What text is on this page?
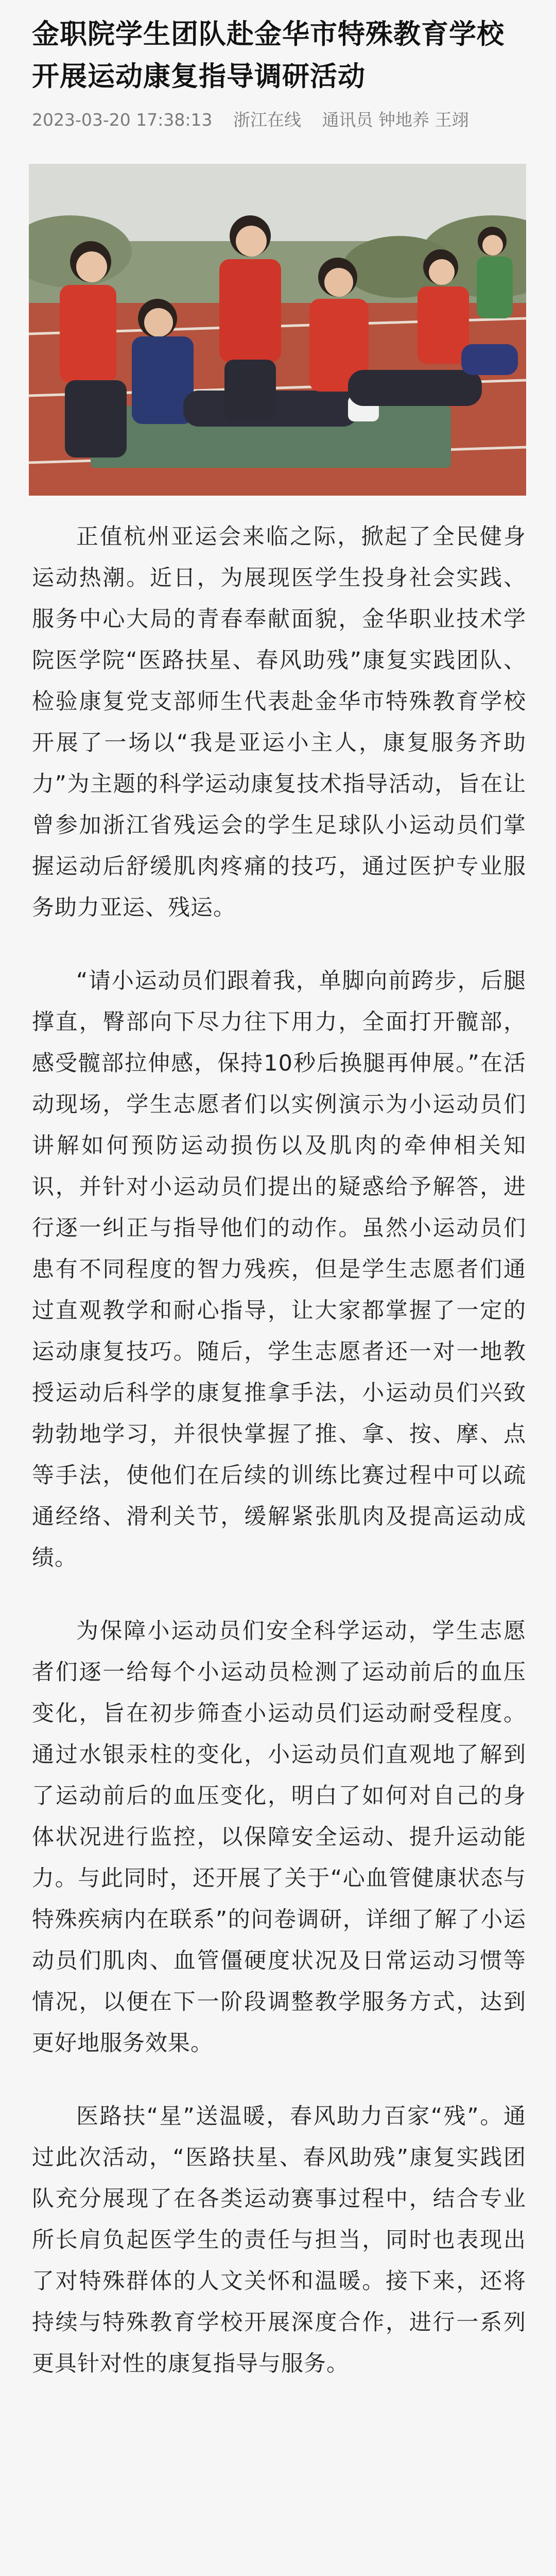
金职院学生团队赴金华市特殊教育学校开展运动康复指导调研活动
2023-03-20 17:38:13 浙江在线 通讯员 钟地养 王翊

正值杭州亚运会来临之际，掀起了全民健身运动热潮。近日，为展现医学生投身社会实践、服务中心大局的青春奉献面貌，金华职业技术学院医学院“医路扶星、春风助残”康复实践团队、检验康复党支部师生代表赴金华市特殊教育学校开展了一场以“我是亚运小主人，康复服务齐助力”为主题的科学运动康复技术指导活动，旨在让曾参加浙江省残运会的学生足球队小运动员们掌握运动后舒缓肌肉疼痛的技巧，通过医护专业服务助力亚运、残运。

“请小运动员们跟着我，单脚向前跨步，后腿撑直，臀部向下尽力往下用力，全面打开髋部，感受髋部拉伸感，保持10秒后换腿再伸展。”在活动现场，学生志愿者们以实例演示为小运动员们讲解如何预防运动损伤以及肌肉的牵伸相关知识，并针对小运动员们提出的疑惑给予解答，进行逐一纠正与指导他们的动作。虽然小运动员们患有不同程度的智力残疾，但是学生志愿者们通过直观教学和耐心指导，让大家都掌握了一定的运动康复技巧。随后，学生志愿者还一对一地教授运动后科学的康复推拿手法，小运动员们兴致勃勃地学习，并很快掌握了推、拿、按、摩、点等手法，使他们在后续的训练比赛过程中可以疏通经络、滑利关节，缓解紧张肌肉及提高运动成绩。

为保障小运动员们安全科学运动，学生志愿者们逐一给每个小运动员检测了运动前后的血压变化，旨在初步筛查小运动员们运动耐受程度。通过水银汞柱的变化，小运动员们直观地了解到了运动前后的血压变化，明白了如何对自己的身体状况进行监控，以保障安全运动、提升运动能力。与此同时，还开展了关于“心血管健康状态与特殊疾病内在联系”的问卷调研，详细了解了小运动员们肌肉、血管僵硬度状况及日常运动习惯等情况，以便在下一阶段调整教学服务方式，达到更好地服务效果。

医路扶“星”送温暖，春风助力百家“残”。通过此次活动，“医路扶星、春风助残”康复实践团队充分展现了在各类运动赛事过程中，结合专业所长肩负起医学生的责任与担当，同时也表现出了对特殊群体的人文关怀和温暖。接下来，还将持续与特殊教育学校开展深度合作，进行一系列更具针对性的康复指导与服务。
